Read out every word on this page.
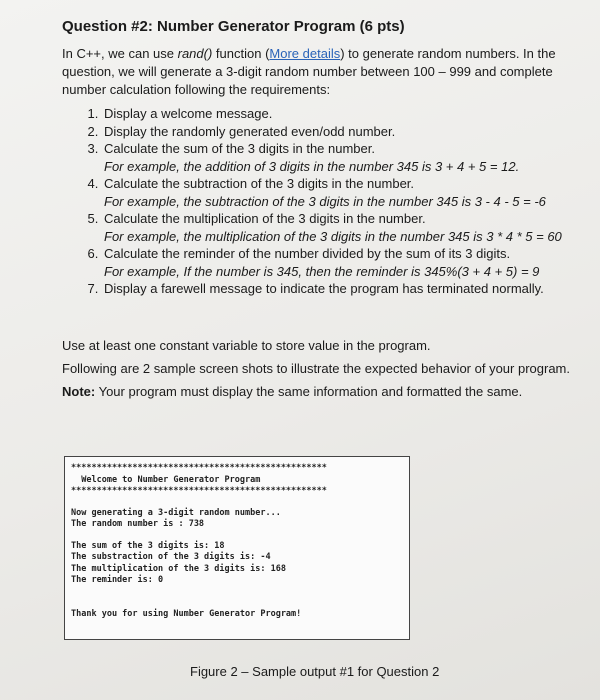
Question #2: Number Generator Program (6 pts)

In C++, we can use rand() function (More details) to generate random numbers. In the question, we will generate a 3-digit random number between 100 – 999 and complete number calculation following the requirements:

1. Display a welcome message.
2. Display the randomly generated even/odd number.
3. Calculate the sum of the 3 digits in the number.
For example, the addition of 3 digits in the number 345 is 3 + 4 + 5 = 12.
4. Calculate the subtraction of the 3 digits in the number.
For example, the subtraction of the 3 digits in the number 345 is 3 - 4 - 5 = -6
5. Calculate the multiplication of the 3 digits in the number.
For example, the multiplication of the 3 digits in the number 345 is 3 * 4 * 5 = 60
6. Calculate the reminder of the number divided by the sum of its 3 digits.
For example, If the number is 345, then the reminder is 345%(3 + 4 + 5) = 9
7. Display a farewell message to indicate the program has terminated normally.

Use at least one constant variable to store value in the program.

Following are 2 sample screen shots to illustrate the expected behavior of your program.

Note: Your program must display the same information and formatted the same.

**************************************************
Welcome to Number Generator Program
**************************************************
Now generating a 3-digit random number...
The random number is : 738
The sum of the 3 digits is: 18
The substraction of the 3 digits is: -4
The multiplication of the 3 digits is: 168
The reminder is: 0
Thank you for using Number Generator Program!
Figure 2 – Sample output #1 for Question 2
